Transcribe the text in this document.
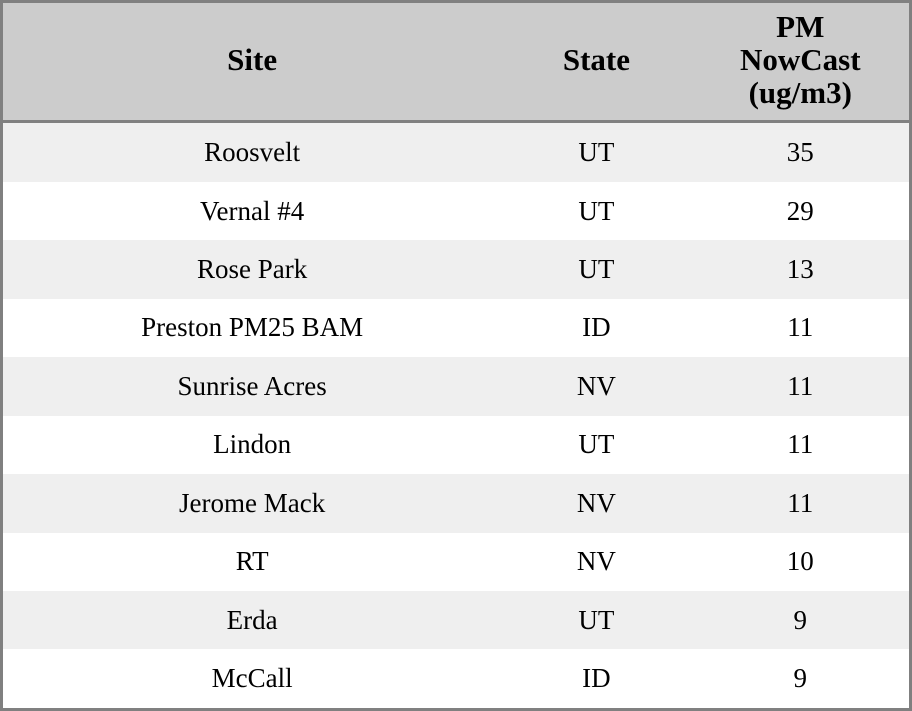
Site	State	PM
NowCast
(ug/m3)

Roosvelt	UT	35
Vernal #4	UT	29
Rose Park	UT	13
Preston PM25 BAM	ID	11
Sunrise Acres	NV	11
Lindon	UT	11
Jerome Mack	NV	11
RT	NV	10
Erda	UT	9
McCall	ID	9
